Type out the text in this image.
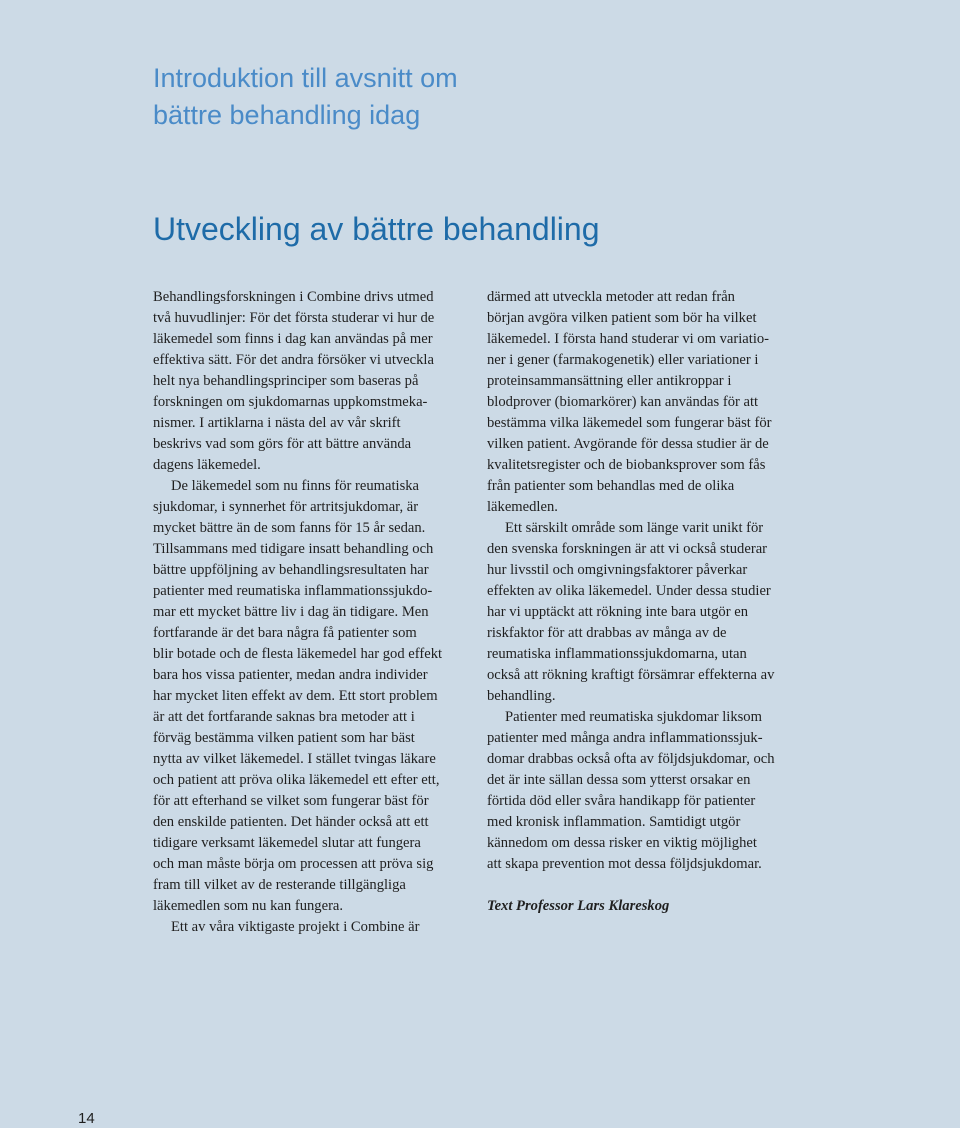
Introduktion till avsnitt om
bättre behandling idag
Utveckling av bättre behandling

Behandlingsforskningen i Combine drivs utmed
två huvudlinjer: För det första studerar vi hur de
läkemedel som finns i dag kan användas på mer
effektiva sätt. För det andra försöker vi utveckla
helt nya behandlingsprinciper som baseras på
forskningen om sjukdomarnas uppkomstmeka-
nismer. I artiklarna i nästa del av vår skrift
beskrivs vad som görs för att bättre använda
dagens läkemedel.

De läkemedel som nu finns för reumatiska
sjukdomar, i synnerhet för artritsjukdomar, är
mycket bättre än de som fanns för 15 år sedan.
Tillsammans med tidigare insatt behandling och
bättre uppföljning av behandlingsresultaten har
patienter med reumatiska inflammationssjukdo-
mar ett mycket bättre liv i dag än tidigare. Men
fortfarande är det bara några få patienter som
blir botade och de flesta läkemedel har god effekt
bara hos vissa patienter, medan andra individer
har mycket liten effekt av dem. Ett stort problem
är att det fortfarande saknas bra metoder att i
förväg bestämma vilken patient som har bäst
nytta av vilket läkemedel. I stället tvingas läkare
och patient att pröva olika läkemedel ett efter ett,
för att efterhand se vilket som fungerar bäst för
den enskilde patienten. Det händer också att ett
tidigare verksamt läkemedel slutar att fungera
och man måste börja om processen att pröva sig
fram till vilket av de resterande tillgängliga
läkemedlen som nu kan fungera.

Ett av våra viktigaste projekt i Combine är

därmed att utveckla metoder att redan från
början avgöra vilken patient som bör ha vilket
läkemedel. I första hand studerar vi om variatio-
ner i gener (farmakogenetik) eller variationer i
proteinsammansättning eller antikroppar i
blodprover (biomarkörer) kan användas för att
bestämma vilka läkemedel som fungerar bäst för
vilken patient. Avgörande för dessa studier är de
kvalitetsregister och de biobanksprover som fås
från patienter som behandlas med de olika
läkemedlen.

Ett särskilt område som länge varit unikt för
den svenska forskningen är att vi också studerar
hur livsstil och omgivningsfaktorer påverkar
effekten av olika läkemedel. Under dessa studier
har vi upptäckt att rökning inte bara utgör en
riskfaktor för att drabbas av många av de
reumatiska inflammationssjukdomarna, utan
också att rökning kraftigt försämrar effekterna av
behandling.

Patienter med reumatiska sjukdomar liksom
patienter med många andra inflammationssjuk-
domar drabbas också ofta av följdsjukdomar, och
det är inte sällan dessa som ytterst orsakar en
förtida död eller svåra handikapp för patienter
med kronisk inflammation. Samtidigt utgör
kännedom om dessa risker en viktig möjlighet
att skapa prevention mot dessa följdsjukdomar.

Text Professor Lars Klareskog

14
